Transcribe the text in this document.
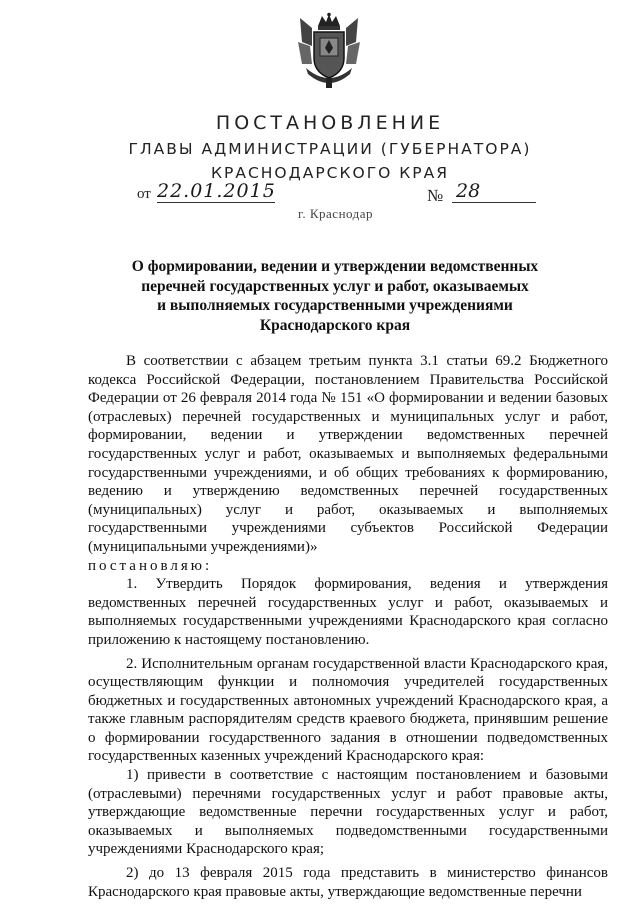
ПОСТАНОВЛЕНИЕ
ГЛАВЫ АДМИНИСТРАЦИИ (ГУБЕРНАТОРА)
КРАСНОДАРСКОГО КРАЯ
от 22.01.2015	№ 28
г. Краснодар
О формировании, ведении и утверждении ведомственных
перечней государственных услуг и работ, оказываемых
и выполняемых государственными учреждениями
Краснодарского края

В соответствии с абзацем третьим пункта 3.1 статьи 69.2 Бюджетного кодекса Российской Федерации, постановлением Правительства Российской Федерации от 26 февраля 2014 года № 151 «О формировании и ведении базовых (отраслевых) перечней государственных и муниципальных услуг и работ, формировании, ведении и утверждении ведомственных перечней государственных услуг и работ, оказываемых и выполняемых федеральными государственными учреждениями, и об общих требованиях к формированию, ведению и утверждению ведомственных перечней государственных (муниципальных) услуг и работ, оказываемых и выполняемых государственными учреждениями субъектов Российской Федерации (муниципальными учреждениями)»

постановляю:

1. Утвердить Порядок формирования, ведения и утверждения ведомственных перечней государственных услуг и работ, оказываемых и выполняемых государственными учреждениями Краснодарского края согласно приложению к настоящему постановлению.

2. Исполнительным органам государственной власти Краснодарского края, осуществляющим функции и полномочия учредителей государственных бюджетных и государственных автономных учреждений Краснодарского края, а также главным распорядителям средств краевого бюджета, принявшим решение о формировании государственного задания в отношении подведомственных государственных казенных учреждений Краснодарского края:

1) привести в соответствие с настоящим постановлением и базовыми (отраслевыми) перечнями государственных услуг и работ правовые акты, утверждающие ведомственные перечни государственных услуг и работ, оказываемых и выполняемых подведомственными государственными учреждениями Краснодарского края;

2) до 13 февраля 2015 года представить в министерство финансов Краснодарского края правовые акты, утверждающие ведомственные перечни
